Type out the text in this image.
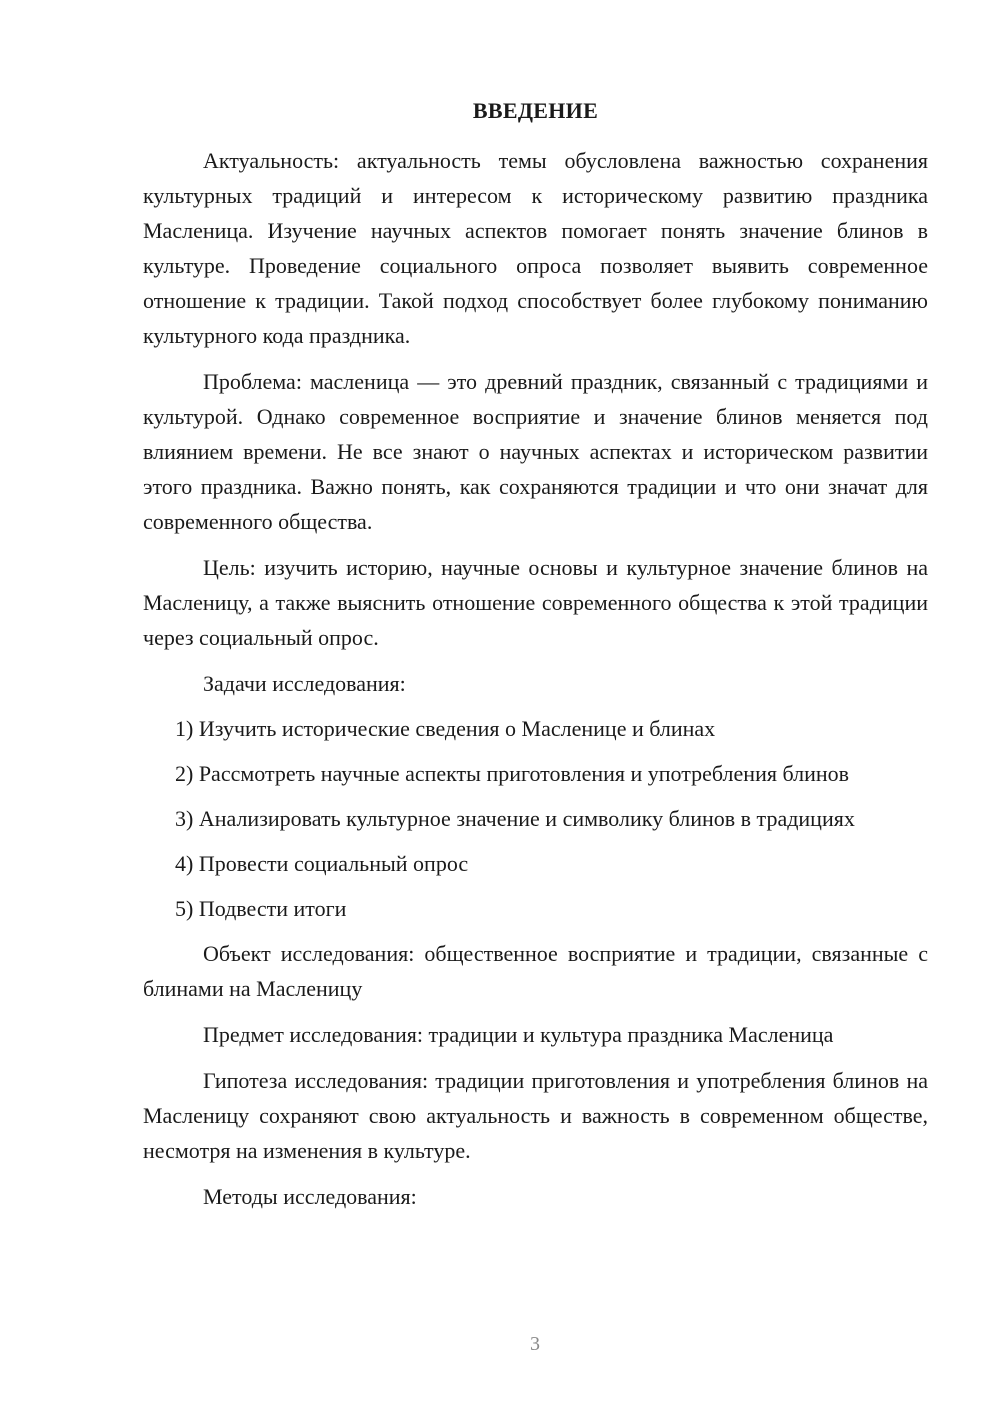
ВВЕДЕНИЕ

Актуальность: актуальность темы обусловлена важностью сохранения культурных традиций и интересом к историческому развитию праздника Масленица. Изучение научных аспектов помогает понять значение блинов в культуре. Проведение социального опроса позволяет выявить современное отношение к традиции. Такой подход способствует более глубокому пониманию культурного кода праздника.

Проблема: масленица — это древний праздник, связанный с традициями и культурой. Однако современное восприятие и значение блинов меняется под влиянием времени. Не все знают о научных аспектах и историческом развитии этого праздника. Важно понять, как сохраняются традиции и что они значат для современного общества.

Цель: изучить историю, научные основы и культурное значение блинов на Масленицу, а также выяснить отношение современного общества к этой традиции через социальный опрос.

Задачи исследования:

1) Изучить исторические сведения о Масленице и блинах

2) Рассмотреть научные аспекты приготовления и употребления блинов

3) Анализировать культурное значение и символику блинов в традициях

4) Провести социальный опрос

5) Подвести итоги

Объект исследования: общественное восприятие и традиции, связанные с блинами на Масленицу

Предмет исследования: традиции и культура праздника Масленица

Гипотеза исследования: традиции приготовления и употребления блинов на Масленицу сохраняют свою актуальность и важность в современном обществе, несмотря на изменения в культуре.

Методы исследования:

3
